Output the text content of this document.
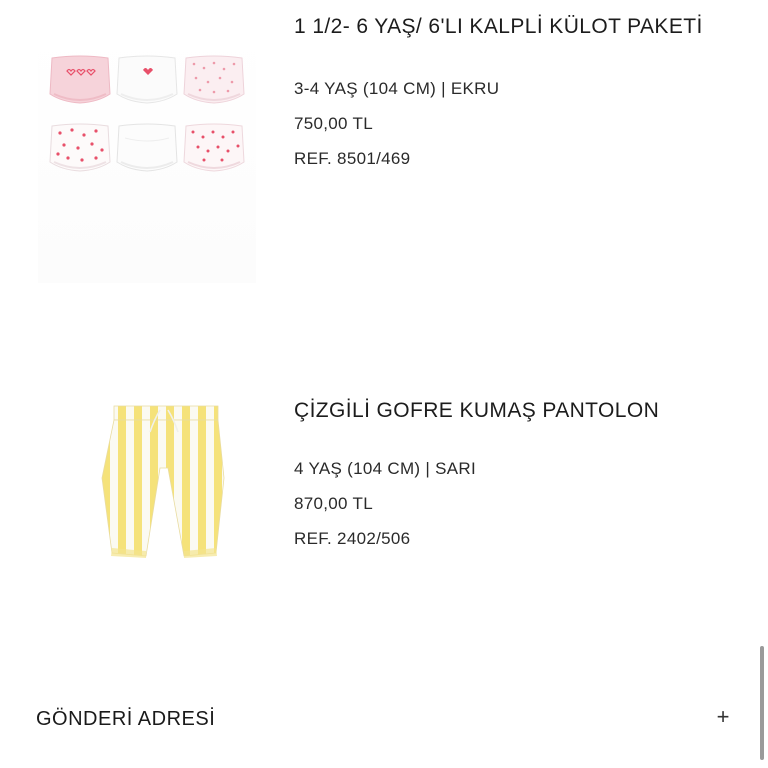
1 1/2- 6 YAŞ/ 6'LI KALPLİ KÜLOT PAKETİ
3-4 YAŞ (104 CM) | EKRU
750,00 TL
REF. 8501/469
ÇİZGİLİ GOFRE KUMAŞ PANTOLON
4 YAŞ (104 CM) | SARI
870,00 TL
REF. 2402/506
GÖNDERİ ADRESİ	+
